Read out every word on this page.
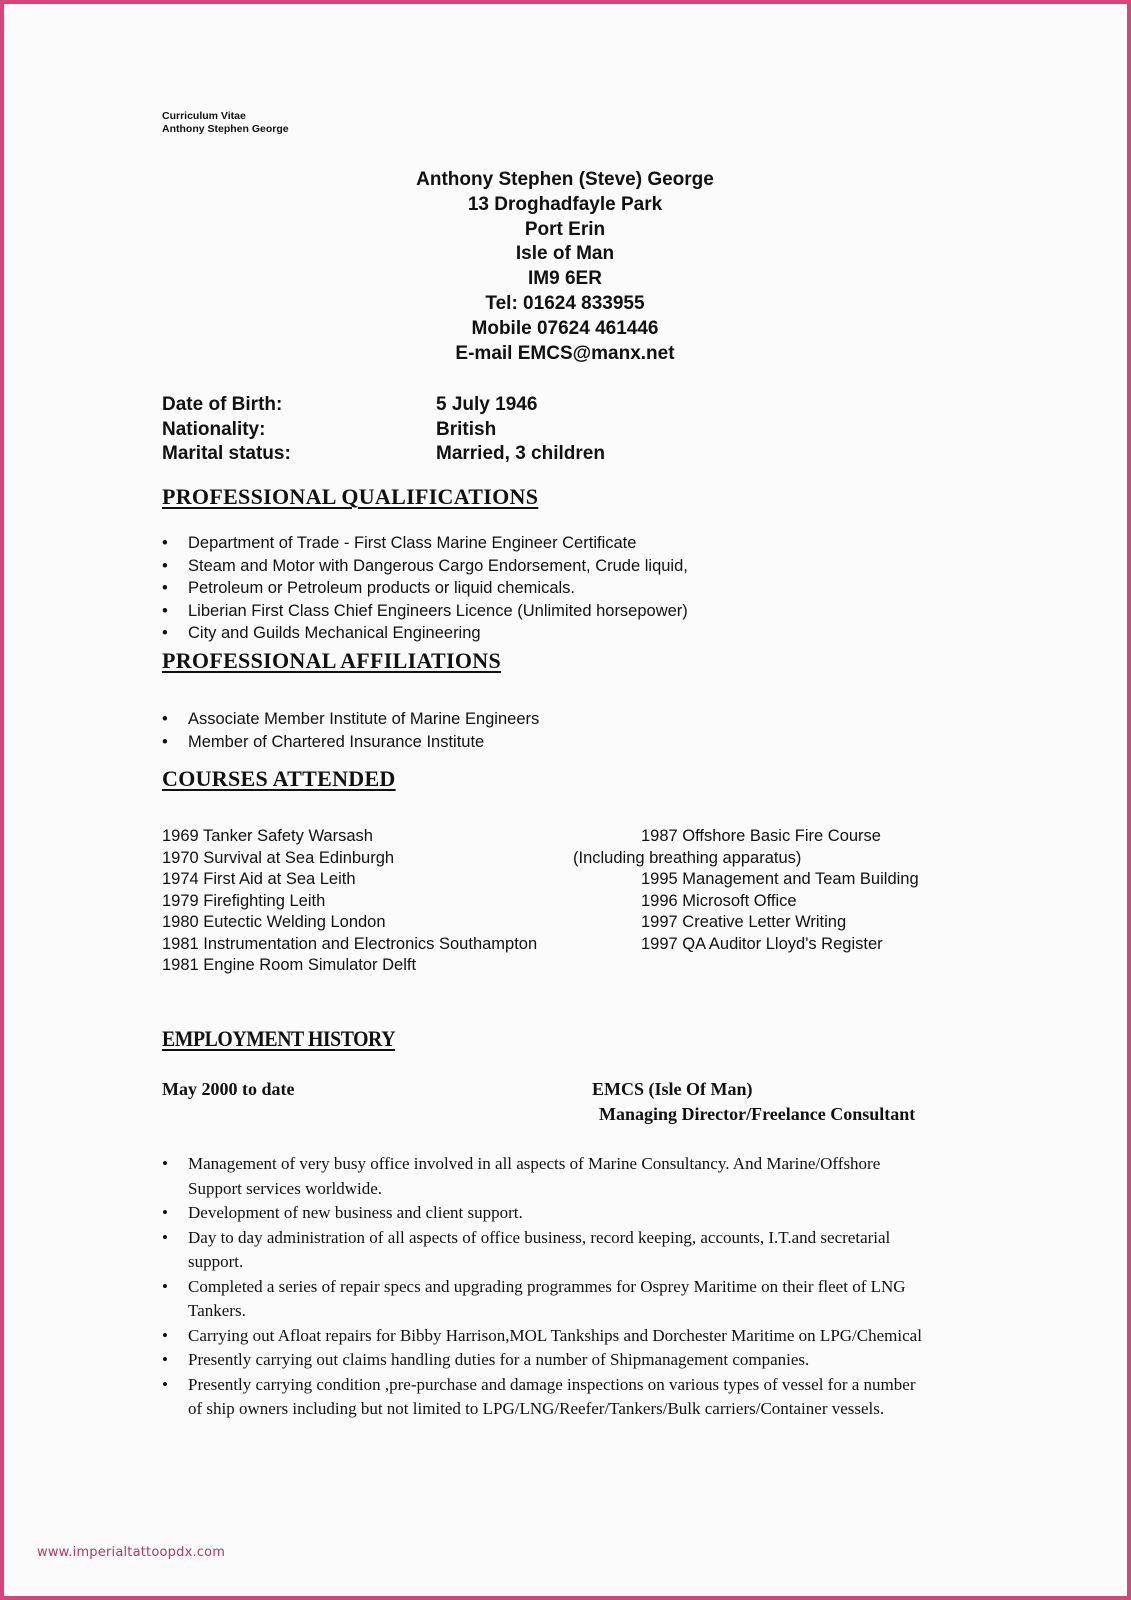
Curriculum Vitae
Anthony Stephen George
Anthony Stephen (Steve) George
13 Droghadfayle Park
Port Erin
Isle of Man
IM9 6ER
Tel: 01624 833955
Mobile 07624 461446
E-mail EMCS@manx.net
Date of Birth:	5 July 1946
Nationality:	British
Marital status:	Married, 3 children
PROFESSIONAL QUALIFICATIONS
• Department of Trade - First Class Marine Engineer Certificate
• Steam and Motor with Dangerous Cargo Endorsement, Crude liquid,
• Petroleum or Petroleum products or liquid chemicals.
• Liberian First Class Chief Engineers Licence (Unlimited horsepower)
• City and Guilds Mechanical Engineering
PROFESSIONAL AFFILIATIONS
• Associate Member Institute of Marine Engineers
• Member of Chartered Insurance Institute
COURSES ATTENDED
1969 Tanker Safety Warsash
1970 Survival at Sea Edinburgh
1974 First Aid at Sea Leith
1979 Firefighting Leith
1980 Eutectic Welding London
1981 Instrumentation and Electronics Southampton
1981 Engine Room Simulator Delft
1987 Offshore Basic Fire Course
(Including breathing apparatus)
1995 Management and Team Building
1996 Microsoft Office
1997 Creative Letter Writing
1997 QA Auditor Lloyd's Register
EMPLOYMENT HISTORY
May 2000 to date	EMCS (Isle Of Man)
Managing Director/Freelance Consultant
• Management of very busy office involved in all aspects of Marine Consultancy. And Marine/Offshore Support services worldwide.
• Development of new business and client support.
• Day to day administration of all aspects of office business, record keeping, accounts, I.T.and secretarial support.
• Completed a series of repair specs and upgrading programmes for Osprey Maritime on their fleet of LNG Tankers.
• Carrying out Afloat repairs for Bibby Harrison,MOL Tankships and Dorchester Maritime on LPG/Chemical
• Presently carrying out claims handling duties for a number of Shipmanagement companies.
• Presently carrying condition ,pre-purchase and damage inspections on various types of vessel for a number of ship owners including but not limited to LPG/LNG/Reefer/Tankers/Bulk carriers/Container vessels.
www.imperialtattoopdx.com
